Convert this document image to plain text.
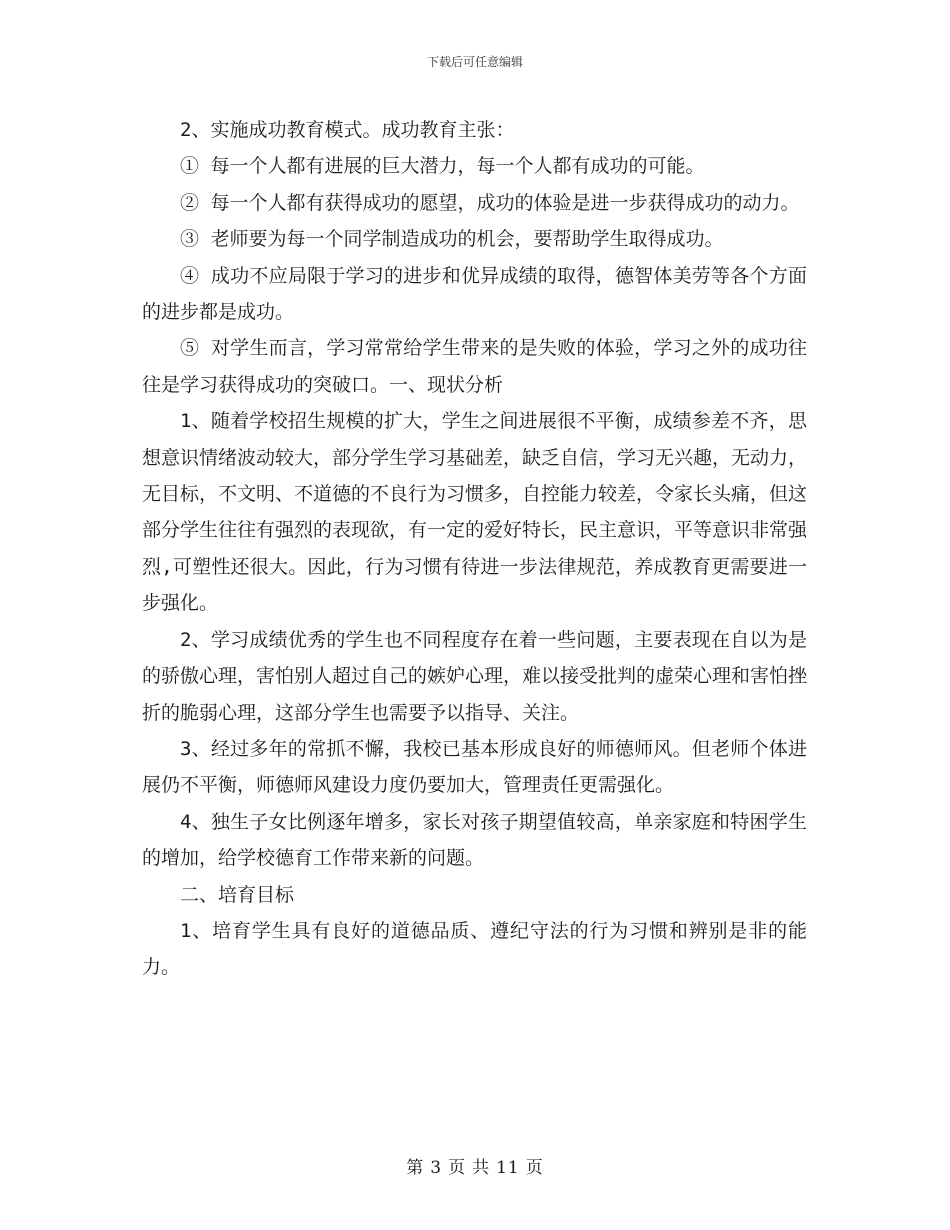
下载后可任意编辑

2、实施成功教育模式。成功教育主张：

① 每一个人都有进展的巨大潜力，每一个人都有成功的可能。

② 每一个人都有获得成功的愿望，成功的体验是进一步获得成功的动力。

③ 老师要为每一个同学制造成功的机会，要帮助学生取得成功。

④ 成功不应局限于学习的进步和优异成绩的取得，德智体美劳等各个方面的进步都是成功。

⑤ 对学生而言，学习常常给学生带来的是失败的体验，学习之外的成功往往是学习获得成功的突破口。一、现状分析

1、随着学校招生规模的扩大，学生之间进展很不平衡，成绩参差不齐，思想意识情绪波动较大，部分学生学习基础差，缺乏自信，学习无兴趣，无动力，无目标，不文明、不道德的不良行为习惯多，自控能力较差，令家长头痛，但这部分学生往往有强烈的表现欲，有一定的爱好特长，民主意识，平等意识非常强烈,可塑性还很大。因此，行为习惯有待进一步法律规范，养成教育更需要进一步强化。

2、学习成绩优秀的学生也不同程度存在着一些问题，主要表现在自以为是的骄傲心理，害怕别人超过自己的嫉妒心理，难以接受批判的虚荣心理和害怕挫折的脆弱心理，这部分学生也需要予以指导、关注。

3、经过多年的常抓不懈，我校已基本形成良好的师德师风。但老师个体进展仍不平衡，师德师风建设力度仍要加大，管理责任更需强化。

4、独生子女比例逐年增多，家长对孩子期望值较高，单亲家庭和特困学生的增加，给学校德育工作带来新的问题。

二、培育目标

1、培育学生具有良好的道德品质、遵纪守法的行为习惯和辨别是非的能力。

第 3 页 共 11 页
